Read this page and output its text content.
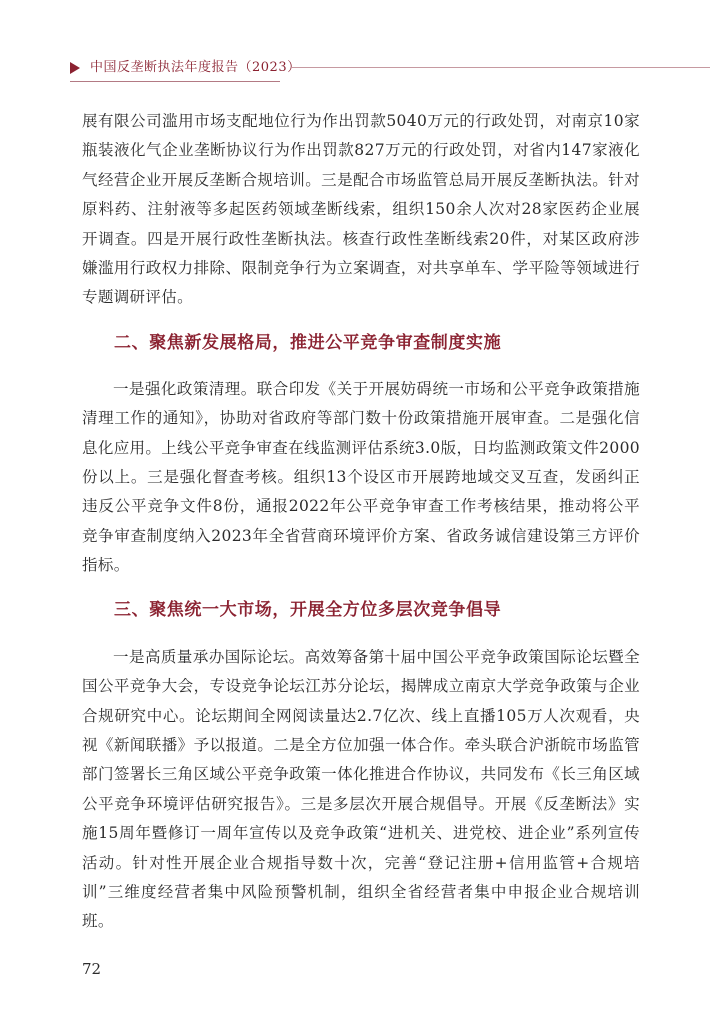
中国反垄断执法年度报告（2023）

展有限公司滥用市场支配地位行为作出罚款5040万元的行政处罚，对南京10家瓶装液化气企业垄断协议行为作出罚款827万元的行政处罚，对省内147家液化气经营企业开展反垄断合规培训。三是配合市场监管总局开展反垄断执法。针对原料药、注射液等多起医药领域垄断线索，组织150余人次对28家医药企业展开调查。四是开展行政性垄断执法。核查行政性垄断线索20件，对某区政府涉嫌滥用行政权力排除、限制竞争行为立案调查，对共享单车、学平险等领域进行专题调研评估。

二、聚焦新发展格局，推进公平竞争审查制度实施

一是强化政策清理。联合印发《关于开展妨碍统一市场和公平竞争政策措施清理工作的通知》，协助对省政府等部门数十份政策措施开展审查。二是强化信息化应用。上线公平竞争审查在线监测评估系统3.0版，日均监测政策文件2000份以上。三是强化督查考核。组织13个设区市开展跨地域交叉互查，发函纠正违反公平竞争文件8份，通报2022年公平竞争审查工作考核结果，推动将公平竞争审查制度纳入2023年全省营商环境评价方案、省政务诚信建设第三方评价指标。

三、聚焦统一大市场，开展全方位多层次竞争倡导

一是高质量承办国际论坛。高效筹备第十届中国公平竞争政策国际论坛暨全国公平竞争大会，专设竞争论坛江苏分论坛，揭牌成立南京大学竞争政策与企业合规研究中心。论坛期间全网阅读量达2.7亿次、线上直播105万人次观看，央视《新闻联播》予以报道。二是全方位加强一体合作。牵头联合沪浙皖市场监管部门签署长三角区域公平竞争政策一体化推进合作协议，共同发布《长三角区域公平竞争环境评估研究报告》。三是多层次开展合规倡导。开展《反垄断法》实施15周年暨修订一周年宣传以及竞争政策“进机关、进党校、进企业”系列宣传活动。针对性开展企业合规指导数十次，完善“登记注册+信用监管+合规培训”三维度经营者集中风险预警机制，组织全省经营者集中申报企业合规培训班。

72
